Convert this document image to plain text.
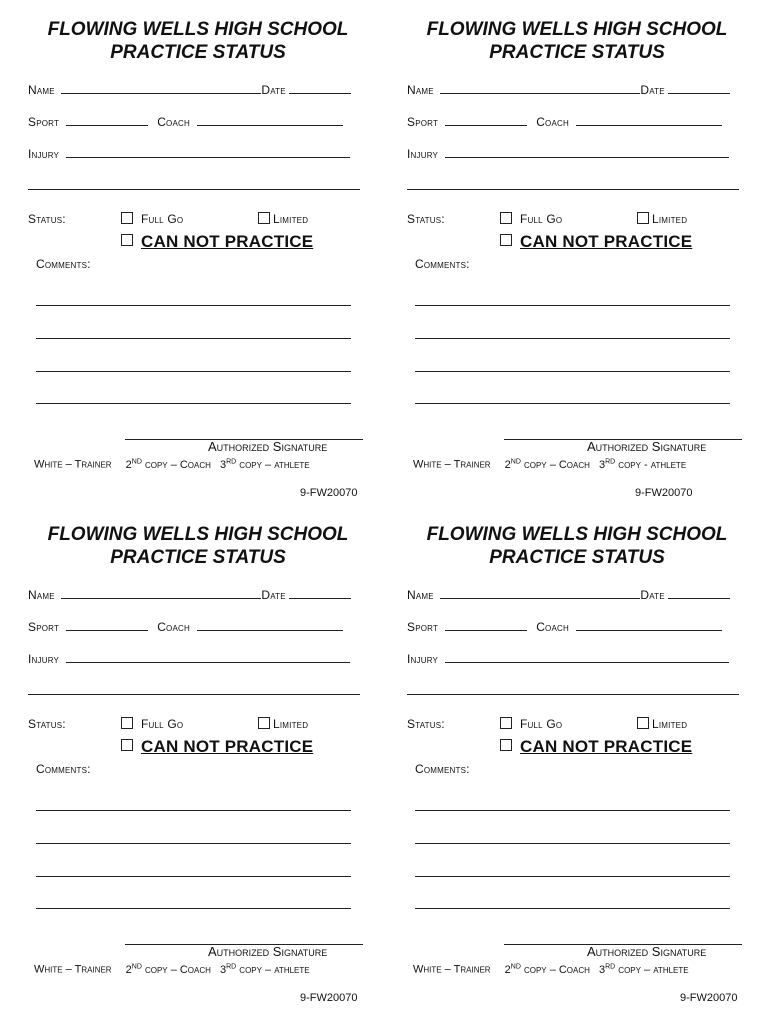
FLOWING WELLS HIGH SCHOOL
PRACTICE STATUS
Name	Date
Sport	Coach
Injury
Status:	Full Go	Limited
CAN NOT PRACTICE
Comments:
Authorized Signature
White – Trainer 2ND copy – Coach 3RD copy – athlete
9-FW20070
FLOWING WELLS HIGH SCHOOL
PRACTICE STATUS
Name	Date
Sport	Coach
Injury
Status:	Full Go	Limited
CAN NOT PRACTICE
Comments:
Authorized Signature
White – Trainer 2ND copy – Coach 3RD copy - athlete
9-FW20070
FLOWING WELLS HIGH SCHOOL
PRACTICE STATUS
Name	Date
Sport	Coach
Injury
Status:	Full Go	Limited
CAN NOT PRACTICE
Comments:
Authorized Signature
White – Trainer 2ND copy – Coach 3RD copy – athlete
9-FW20070
FLOWING WELLS HIGH SCHOOL
PRACTICE STATUS
Name	Date
Sport	Coach
Injury
Status:	Full Go	Limited
CAN NOT PRACTICE
Comments:
Authorized Signature
White – Trainer 2ND copy – Coach 3RD copy – athlete
9-FW20070
